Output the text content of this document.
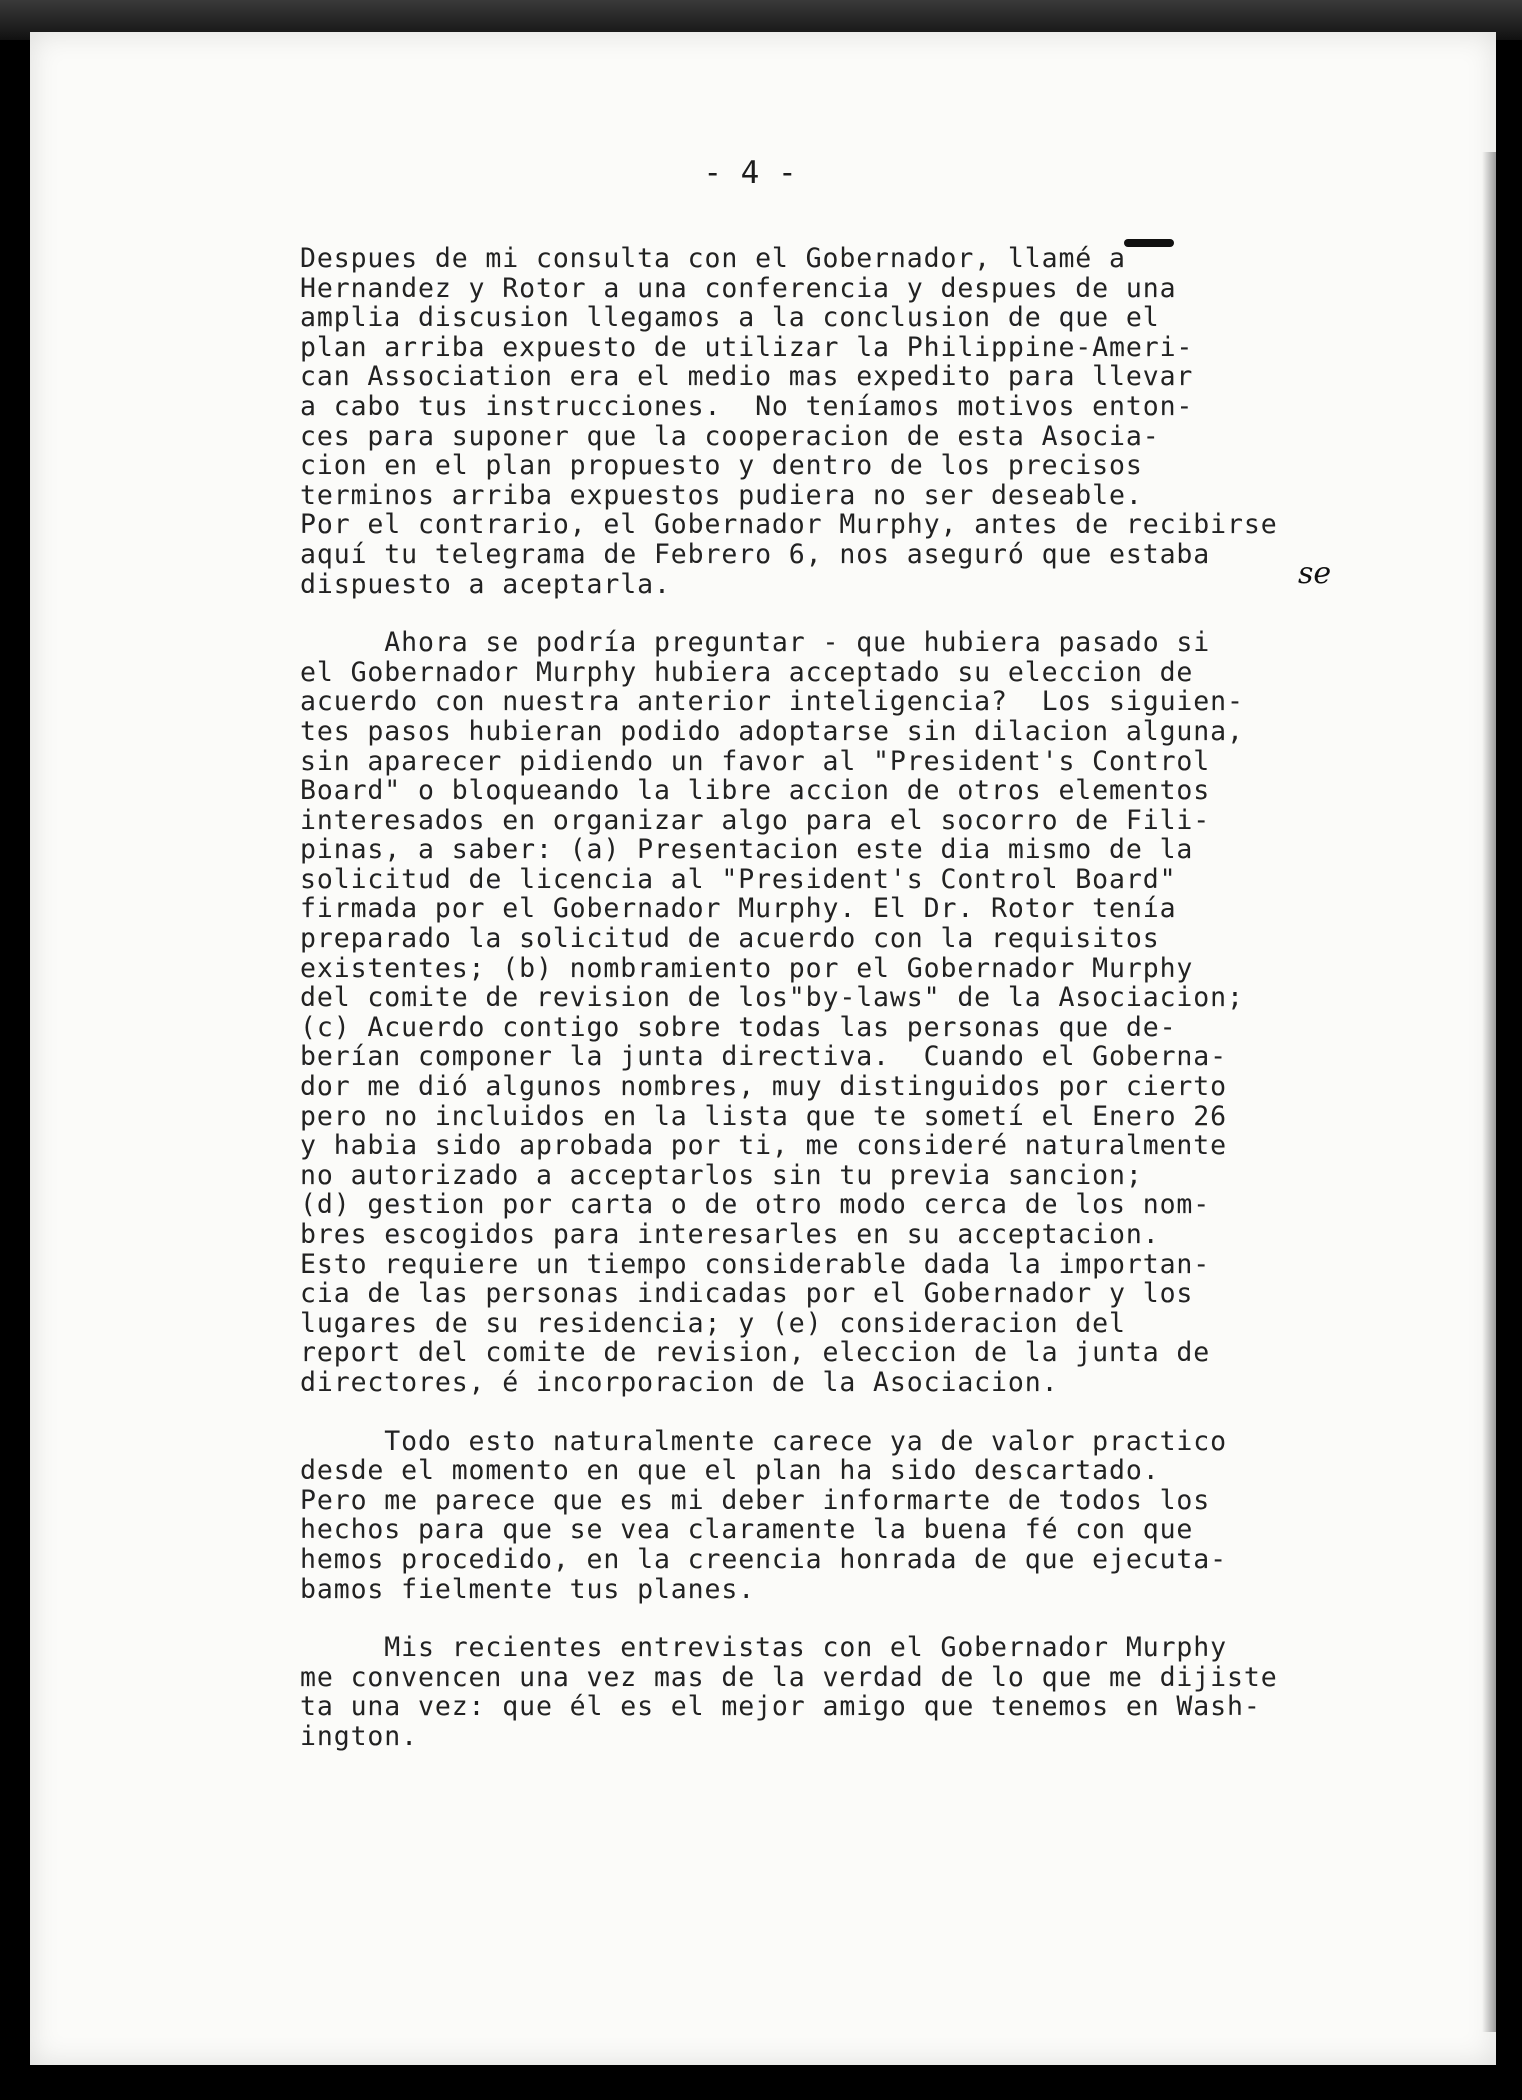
- 4 -
se
Despues de mi consulta con el Gobernador, llamé a
Hernandez y Rotor a una conferencia y despues de una
amplia discusion llegamos a la conclusion de que el
plan arriba expuesto de utilizar la Philippine-Ameri-
can Association era el medio mas expedito para llevar
a cabo tus instrucciones.  No teníamos motivos enton-
ces para suponer que la cooperacion de esta Asocia-
cion en el plan propuesto y dentro de los precisos
terminos arriba expuestos pudiera no ser deseable.
Por el contrario, el Gobernador Murphy, antes de recibirse
aquí tu telegrama de Febrero 6, nos aseguró que estaba
dispuesto a aceptarla.
Ahora se podría preguntar - que hubiera pasado si
el Gobernador Murphy hubiera acceptado su eleccion de
acuerdo con nuestra anterior inteligencia?  Los siguien-
tes pasos hubieran podido adoptarse sin dilacion alguna,
sin aparecer pidiendo un favor al "President's Control
Board" o bloqueando la libre accion de otros elementos
interesados en organizar algo para el socorro de Fili-
pinas, a saber: (a) Presentacion este dia mismo de la
solicitud de licencia al "President's Control Board"
firmada por el Gobernador Murphy. El Dr. Rotor tenía
preparado la solicitud de acuerdo con la requisitos
existentes; (b) nombramiento por el Gobernador Murphy
del comite de revision de los"by-laws" de la Asociacion;
(c) Acuerdo contigo sobre todas las personas que de-
berían componer la junta directiva.  Cuando el Goberna-
dor me dió algunos nombres, muy distinguidos por cierto
pero no incluidos en la lista que te sometí el Enero 26
y habia sido aprobada por ti, me consideré naturalmente
no autorizado a acceptarlos sin tu previa sancion;
(d) gestion por carta o de otro modo cerca de los nom-
bres escogidos para interesarles en su acceptacion.
Esto requiere un tiempo considerable dada la importan-
cia de las personas indicadas por el Gobernador y los
lugares de su residencia; y (e) consideracion del
report del comite de revision, eleccion de la junta de
directores, é incorporacion de la Asociacion.
Todo esto naturalmente carece ya de valor practico
desde el momento en que el plan ha sido descartado.
Pero me parece que es mi deber informarte de todos los
hechos para que se vea claramente la buena fé con que
hemos procedido, en la creencia honrada de que ejecuta-
bamos fielmente tus planes.
Mis recientes entrevistas con el Gobernador Murphy
me convencen una vez mas de la verdad de lo que me dijiste
ta una vez: que él es el mejor amigo que tenemos en Wash-
ington.
